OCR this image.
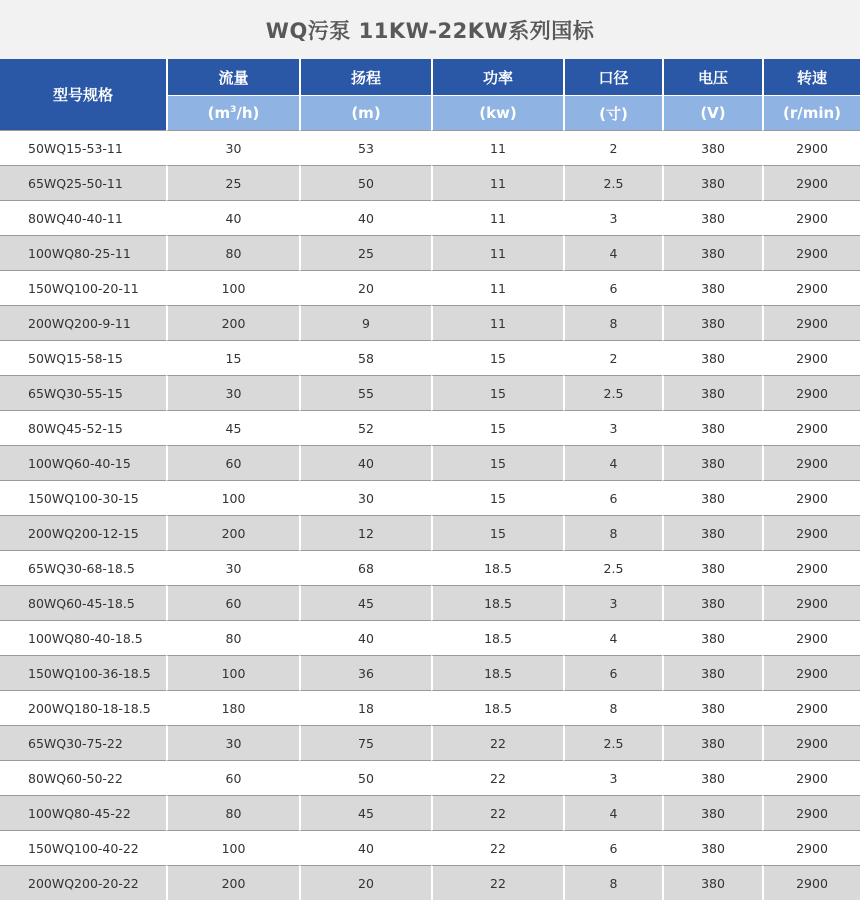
WQ污泵 11KW-22KW系列国标
型号规格	流量	扬程	功率	口径	电压	转速
	$(m^3/h)$	(m)	(kw)	(寸)	(V)	(r/min)
50WQ15-53-11	30	53	11	2	380	2900
65WQ25-50-11	25	50	11	2.5	380	2900
80WQ40-40-11	40	40	11	3	380	2900
100WQ80-25-11	80	25	11	4	380	2900
150WQ100-20-11	100	20	11	6	380	2900
200WQ200-9-11	200	9	11	8	380	2900
50WQ15-58-15	15	58	15	2	380	2900
65WQ30-55-15	30	55	15	2.5	380	2900
80WQ45-52-15	45	52	15	3	380	2900
100WQ60-40-15	60	40	15	4	380	2900
150WQ100-30-15	100	30	15	6	380	2900
200WQ200-12-15	200	12	15	8	380	2900
65WQ30-68-18.5	30	68	18.5	2.5	380	2900
80WQ60-45-18.5	60	45	18.5	3	380	2900
100WQ80-40-18.5	80	40	18.5	4	380	2900
150WQ100-36-18.5	100	36	18.5	6	380	2900
200WQ180-18-18.5	180	18	18.5	8	380	2900
65WQ30-75-22	30	75	22	2.5	380	2900
80WQ60-50-22	60	50	22	3	380	2900
100WQ80-45-22	80	45	22	4	380	2900
150WQ100-40-22	100	40	22	6	380	2900
200WQ200-20-22	200	20	22	8	380	2900
